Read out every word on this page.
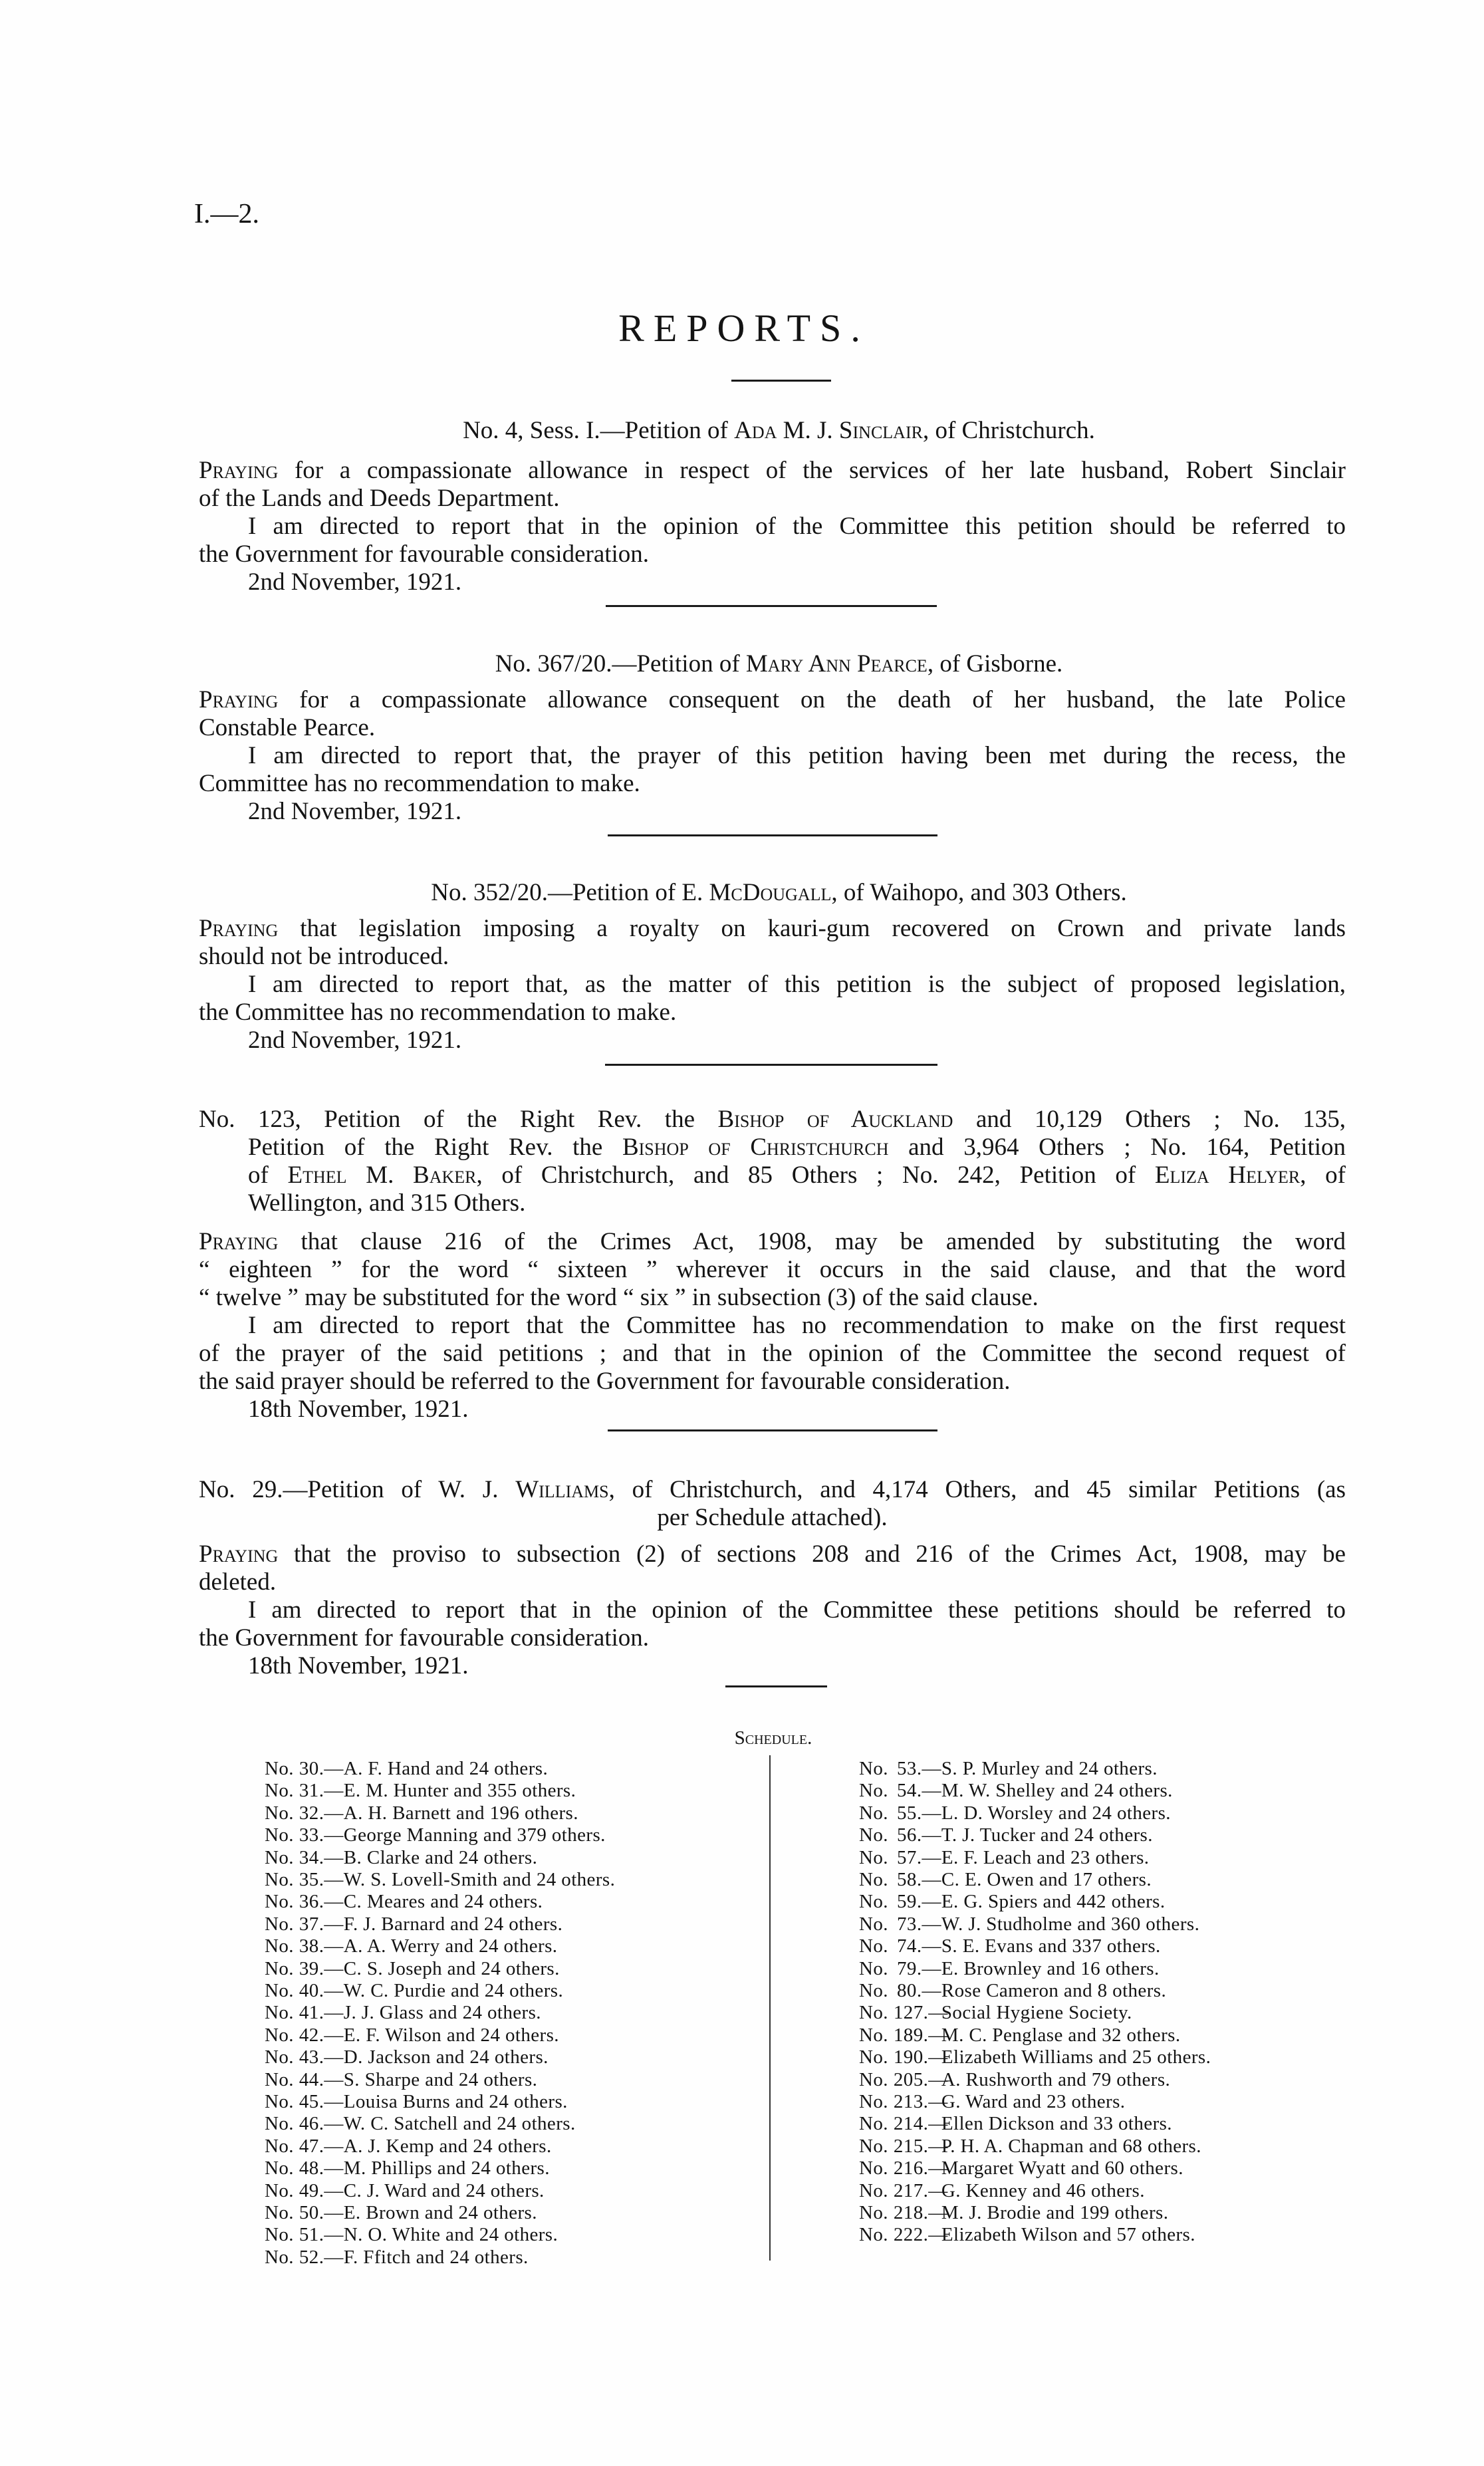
I.—2.
REPORTS.
Schedule.
No. 4, Sess. I.—Petition of Ada M. J. Sinclair, of Christchurch.
Praying for a compassionate allowance in respect of the services of her late husband, Robert Sinclair
of the Lands and Deeds Department.
I am directed to report that in the opinion of the Committee this petition should be referred to
the Government for favourable consideration.
2nd November, 1921.
No. 367/20.—Petition of Mary Ann Pearce, of Gisborne.
Praying for a compassionate allowance consequent on the death of her husband, the late Police
Constable Pearce.
I am directed to report that, the prayer of this petition having been met during the recess, the
Committee has no recommendation to make.
2nd November, 1921.
No. 352/20.—Petition of E. McDougall, of Waihopo, and 303 Others.
Praying that legislation imposing a royalty on kauri-gum recovered on Crown and private lands
should not be introduced.
I am directed to report that, as the matter of this petition is the subject of proposed legislation,
the Committee has no recommendation to make.
2nd November, 1921.
No. 123, Petition of the Right Rev. the Bishop of Auckland and 10,129 Others ; No. 135,
Petition of the Right Rev. the Bishop of Christchurch and 3,964 Others ; No. 164, Petition
of Ethel M. Baker, of Christchurch, and 85 Others ; No. 242, Petition of Eliza Helyer, of
Wellington, and 315 Others.
Praying that clause 216 of the Crimes Act, 1908, may be amended by substituting the word
“ eighteen ” for the word “ sixteen ” wherever it occurs in the said clause, and that the word
“ twelve ” may be substituted for the word “ six ” in subsection (3) of the said clause.
I am directed to report that the Committee has no recommendation to make on the first request
of the prayer of the said petitions ; and that in the opinion of the Committee the second request of
the said prayer should be referred to the Government for favourable consideration.
18th November, 1921.
No. 29.—Petition of W. J. Williams, of Christchurch, and 4,174 Others, and 45 similar Petitions (as
per Schedule attached).
Praying that the proviso to subsection (2) of sections 208 and 216 of the Crimes Act, 1908, may be
deleted.
I am directed to report that in the opinion of the Committee these petitions should be referred to
the Government for favourable consideration.
18th November, 1921.
No. 30 .— A. F. Hand and 24 others.
No. 31 .— E. M. Hunter and 355 others.
No. 32 .— A. H. Barnett and 196 others.
No. 33 .— George Manning and 379 others.
No. 34 .— B. Clarke and 24 others.
No. 35 .— W. S. Lovell-Smith and 24 others.
No. 36 .— C. Meares and 24 others.
No. 37 .— F. J. Barnard and 24 others.
No. 38 .— A. A. Werry and 24 others.
No. 39 .— C. S. Joseph and 24 others.
No. 40 .— W. C. Purdie and 24 others.
No. 41 .— J. J. Glass and 24 others.
No. 42 .— E. F. Wilson and 24 others.
No. 43 .— D. Jackson and 24 others.
No. 44 .— S. Sharpe and 24 others.
No. 45 .— Louisa Burns and 24 others.
No. 46 .— W. C. Satchell and 24 others.
No. 47 .— A. J. Kemp and 24 others.
No. 48 .— M. Phillips and 24 others.
No. 49 .— C. J. Ward and 24 others.
No. 50 .— E. Brown and 24 others.
No. 51 .— N. O. White and 24 others.
No. 52 .— F. Ffitch and 24 others.
No. 53 .— S. P. Murley and 24 others.
No. 54 .— M. W. Shelley and 24 others.
No. 55 .— L. D. Worsley and 24 others.
No. 56 .— T. J. Tucker and 24 others.
No. 57 .— E. F. Leach and 23 others.
No. 58 .— C. E. Owen and 17 others.
No. 59 .— E. G. Spiers and 442 others.
No. 73 .— W. J. Studholme and 360 others.
No. 74 .— S. E. Evans and 337 others.
No. 79 .— E. Brownley and 16 others.
No. 80 .— Rose Cameron and 8 others.
No. 127 .— Social Hygiene Society.
No. 189 .— M. C. Penglase and 32 others.
No. 190 .— Elizabeth Williams and 25 others.
No. 205 .— A. Rushworth and 79 others.
No. 213 .— G. Ward and 23 others.
No. 214 .— Ellen Dickson and 33 others.
No. 215 .— P. H. A. Chapman and 68 others.
No. 216 .— Margaret Wyatt and 60 others.
No. 217 .— G. Kenney and 46 others.
No. 218 .— M. J. Brodie and 199 others.
No. 222 .— Elizabeth Wilson and 57 others.
